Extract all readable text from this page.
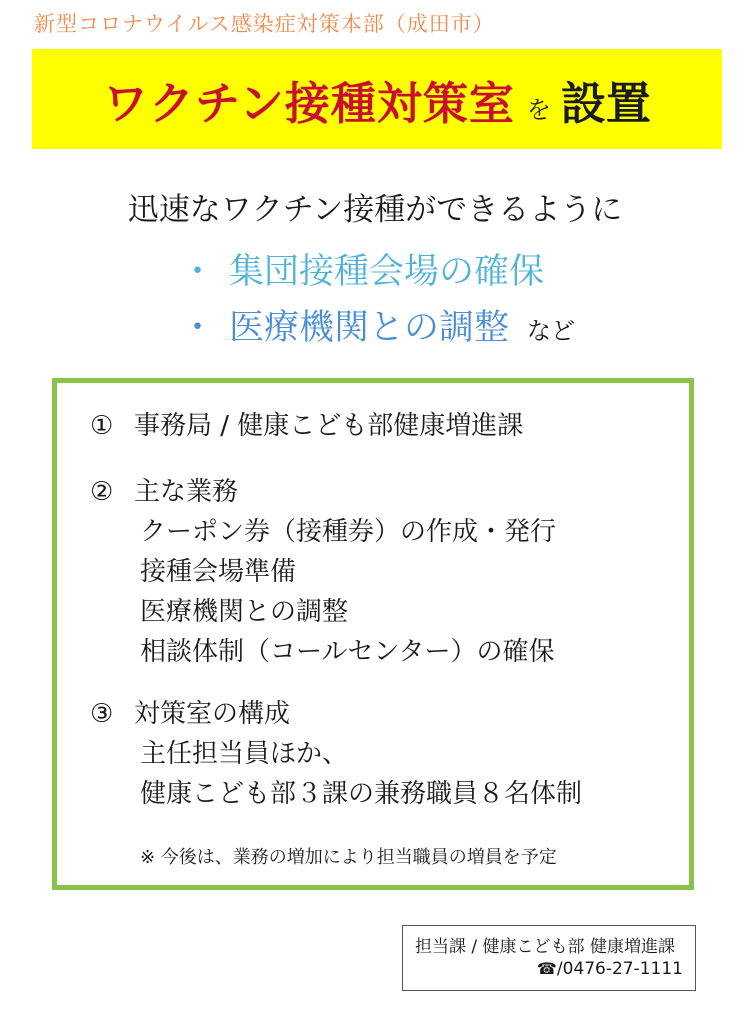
新型コロナウイルス感染症対策本部（成田市）
ワクチン接種対策室 を 設置
迅速なワクチン接種ができるように
・ 集団接種会場の確保
・ 医療機関との調整 など
① 事務局 / 健康こども部健康増進課
② 主な業務
クーポン券（接種券）の作成・発行
接種会場準備
医療機関との調整
相談体制（コールセンター）の確保
③ 対策室の構成
主任担当員ほか、
健康こども部３課の兼務職員８名体制
※ 今後は、業務の増加により担当職員の増員を予定
担当課 / 健康こども部 健康増進課
☎/0476-27-1111
